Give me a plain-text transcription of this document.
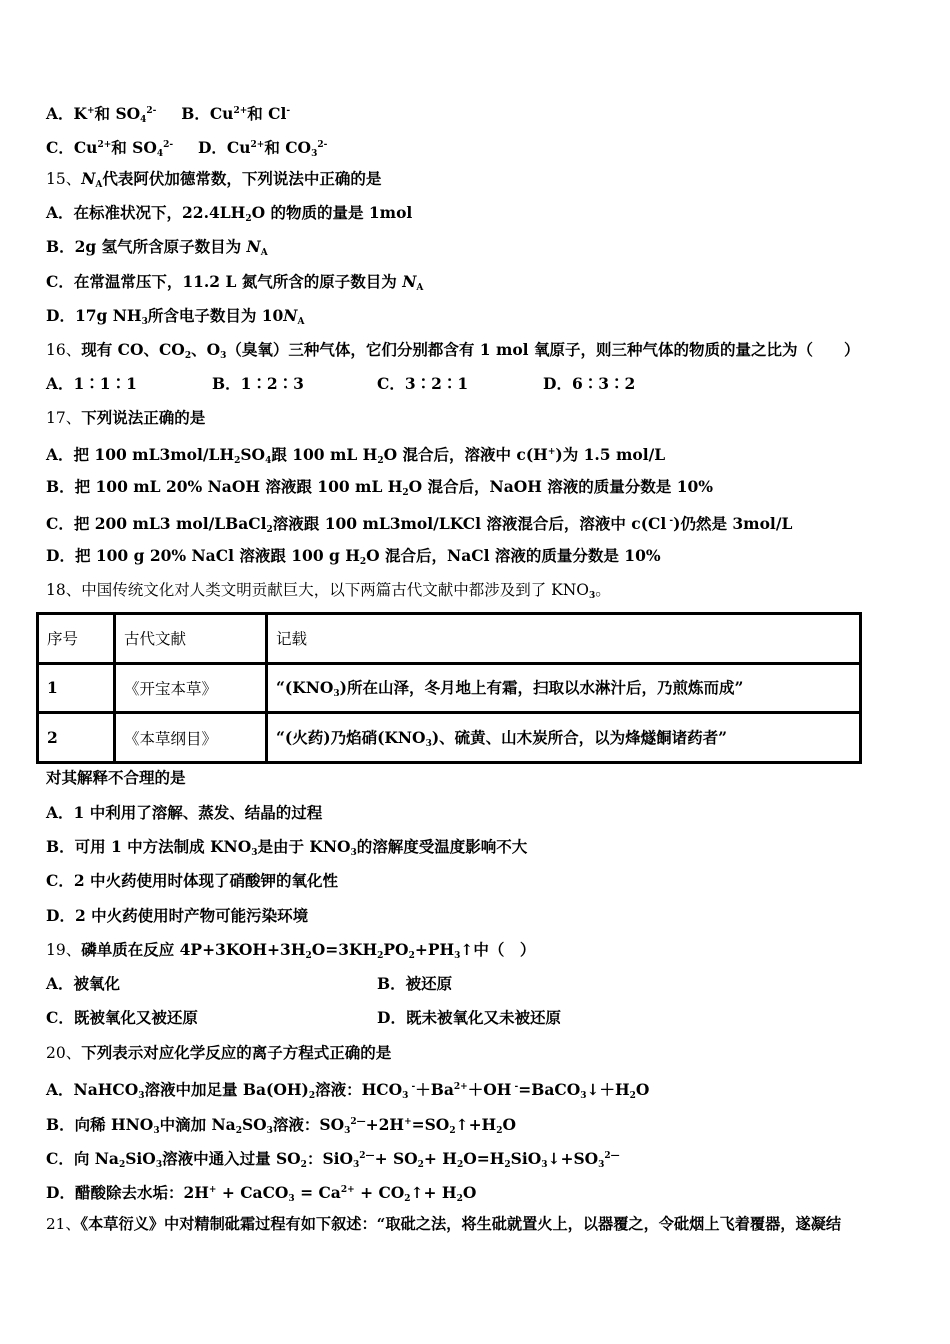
A．K+和 $SO_4^{2-}$ B．$Cu^{2+}$和 Cl-
C．$Cu^{2+}$和 $SO_4^{2-}$ D．$Cu^{2+}$和 $CO_3^{2-}$
15、$N_A$代表阿伏加德常数，下列说法中正确的是
A．在标准状况下，$22.4LH_2O$ 的物质的量是 1mol
B．2g 氢气所含原子数目为 $N_A$
C．在常温常压下，11.2 L 氮气所含的原子数目为 $N_A$
D．17g $NH_3$所含电子数目为 $10N_A$
16、现有 CO、$CO_2$、$O_3$（臭氧）三种气体，它们分别都含有 1 mol 氧原子，则三种气体的物质的量之比为（　　）
A．1∶1∶1	B．1∶2∶3	C．3∶2∶1	D．6∶3∶2
17、下列说法正确的是
A．把 100 $mL3mol/LH_2SO_4$跟 100 mL $H_2O$ 混合后，溶液中 c(H+)为 1.5 mol/L
B．把 100 mL 20% NaOH 溶液跟 100 mL $H_2O$ 混合后，NaOH 溶液的质量分数是 10%
C．把 200 mL3 mol/LBaCl$_2$溶液跟 100 mL3mol/LKCl 溶液混合后，溶液中 c(Cl -)仍然是 3mol/L
D．把 100 g 20% NaCl 溶液跟 100 g $H_2O$ 混合后，NaCl 溶液的质量分数是 10%
18、中国传统文化对人类文明贡献巨大，以下两篇古代文献中都涉及到了 $KNO_3$。
序号	古代文献	记载
1	《开宝本草》	“$(KNO_3)$所在山泽，冬月地上有霜，扫取以水淋汁后，乃煎炼而成”
2	《本草纲目》	“(火药)乃焰硝$(KNO_3)$、硫黄、山木炭所合，以为烽燧餇诸药者”
对其解释不合理的是
A．1 中利用了溶解、蒸发、结晶的过程
B．可用 1 中方法制成 $KNO_3$是由于 $KNO_3$的溶解度受温度影响不大
C．2 中火药使用时体现了硝酸钾的氧化性
D．2 中火药使用时产物可能污染环境
19、磷单质在反应 $4P+3KOH+3H_2O=3KH_2PO_2+PH_3↑$中（　）
A．被氧化	B．被还原
C．既被氧化又被还原	D．既未被氧化又未被还原
20、下列表示对应化学反应的离子方程式正确的是
A．NaHCO$_3$溶液中加足量 $Ba(OH)_2$溶液：$HCO_3$ $^-+Ba^{2+}+OH$ $^-=BaCO_3↓+H_2O$
B．向稀 $HNO_3$中滴加 $Na_2SO_3$溶液：$SO_3^{2—}+2H^+=SO_2↑+H_2O$
C．向 $Na_2SiO_3$溶液中通入过量 $SO_2$：$SiO_3^{2—}+ SO_2+$ $H_2O=H_2SiO_3↓+SO_3^{2—}$
D．醋酸除去水垢：2H+ + CaCO$_3$ = $Ca^{2+}$ + $CO_2↑+ H_2O$
21、《本草衍义》中对精制砒霜过程有如下叙述：“取砒之法，将生砒就置火上，以器覆之，令砒烟上飞着覆器，遂凝结
